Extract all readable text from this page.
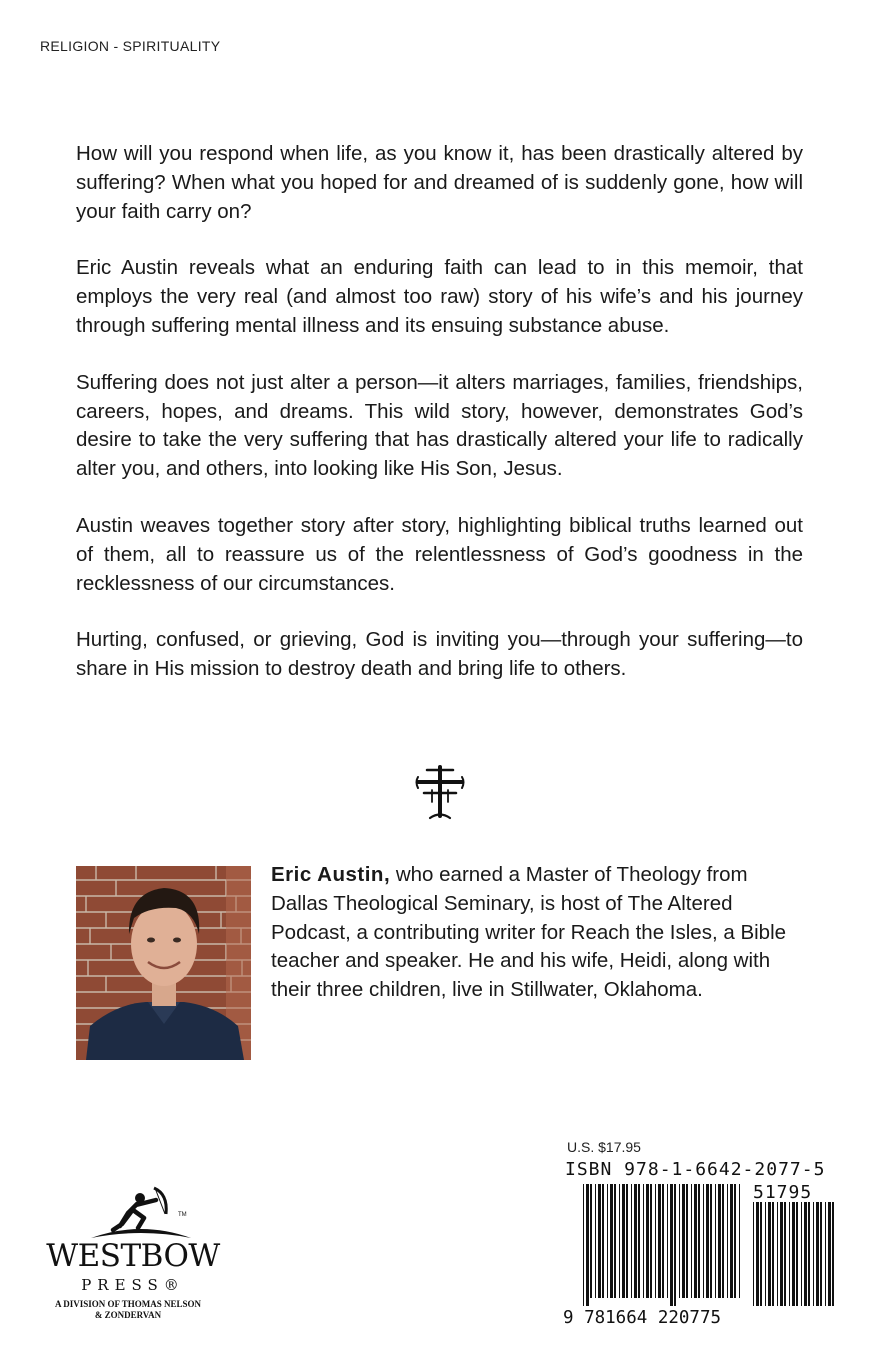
RELIGION - SPIRITUALITY

How will you respond when life, as you know it, has been drastically altered by suffering? When what you hoped for and dreamed of is suddenly gone, how will your faith carry on?

Eric Austin reveals what an enduring faith can lead to in this memoir, that employs the very real (and almost too raw) story of his wife’s and his journey through suffering mental illness and its ensuing substance abuse.

Suffering does not just alter a person—it alters marriages, families, friendships, careers, hopes, and dreams. This wild story, however, demonstrates God’s desire to take the very suffering that has drastically altered your life to radically alter you, and others, into looking like His Son, Jesus.

Austin weaves together story after story, highlighting biblical truths learned out of them, all to reassure us of the relentlessness of God’s goodness in the recklessness of our circumstances.

Hurting, confused, or grieving, God is inviting you—through your suffering—to share in His mission to destroy death and bring life to others.

Eric Austin, who earned a Master of Theology from Dallas Theological Seminary, is host of The Altered Podcast, a contributing writer for Reach the Isles, a Bible teacher and speaker. He and his wife, Heidi, along with their three children, live in Stillwater, Oklahoma.
TM
WESTBOW
PRESS®
A DIVISION OF THOMAS NELSON
& ZONDERVAN
U.S. $17.95
ISBN 978-1-6642-2077-5
51795
9 781664 220775
